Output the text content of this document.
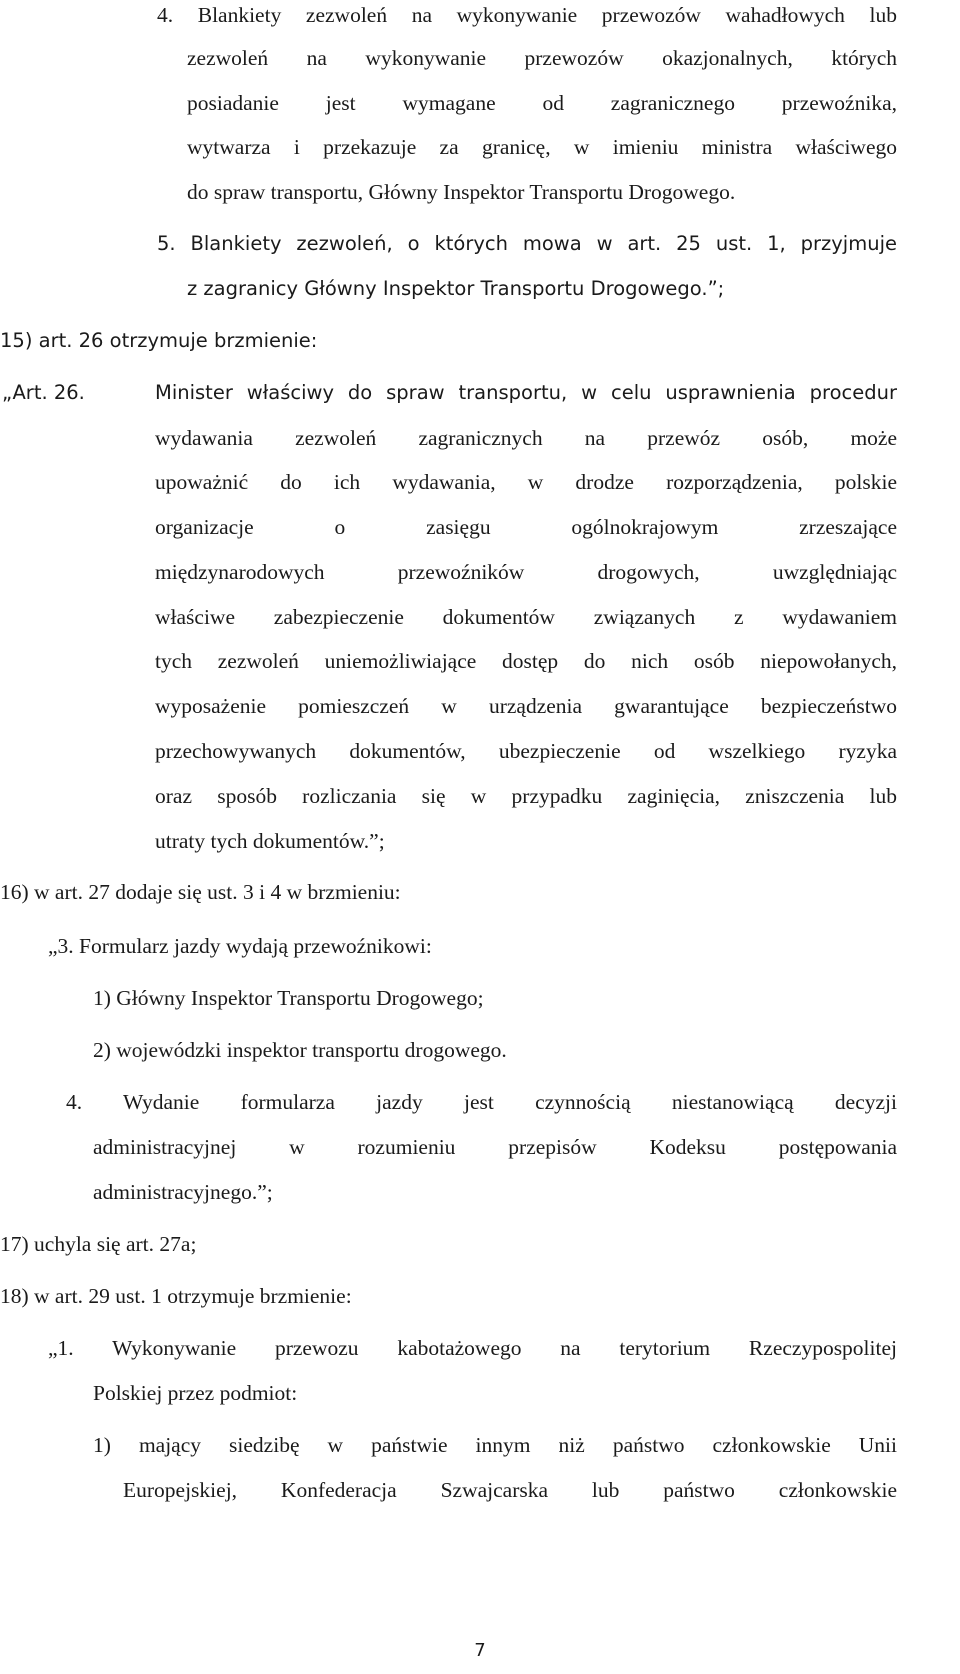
4. Blankiety zezwoleń na wykonywanie przewozów wahadłowych lub
zezwoleń na wykonywanie przewozów okazjonalnych, których
posiadanie jest wymagane od zagranicznego przewoźnika,
wytwarza i przekazuje za granicę, w imieniu ministra właściwego
do spraw transportu, Główny Inspektor Transportu Drogowego.
5. Blankiety zezwoleń, o których mowa w art. 25 ust. 1, przyjmuje
z zagranicy Główny Inspektor Transportu Drogowego.”;
15) art. 26 otrzymuje brzmienie:
„Art. 26.	Minister właściwy do spraw transportu, w celu usprawnienia procedur
wydawania zezwoleń zagranicznych na przewóz osób, może
upoważnić do ich wydawania, w drodze rozporządzenia, polskie
organizacje o zasięgu ogólnokrajowym zrzeszające
międzynarodowych przewoźników drogowych, uwzględniając
właściwe zabezpieczenie dokumentów związanych z wydawaniem
tych zezwoleń uniemożliwiające dostęp do nich osób niepowołanych,
wyposażenie pomieszczeń w urządzenia gwarantujące bezpieczeństwo
przechowywanych dokumentów, ubezpieczenie od wszelkiego ryzyka
oraz sposób rozliczania się w przypadku zaginięcia, zniszczenia lub
utraty tych dokumentów.”;
16) w art. 27 dodaje się ust. 3 i 4 w brzmieniu:
„3. Formularz jazdy wydają przewoźnikowi:
1) Główny Inspektor Transportu Drogowego;
2) wojewódzki inspektor transportu drogowego.
4. Wydanie formularza jazdy jest czynnością niestanowiącą decyzji
administracyjnej w rozumieniu przepisów Kodeksu postępowania
administracyjnego.”;
17) uchyla się art. 27a;
18) w art. 29 ust. 1 otrzymuje brzmienie:
„1. Wykonywanie przewozu kabotażowego na terytorium Rzeczypospolitej
Polskiej przez podmiot:
1) mający siedzibę w państwie innym niż państwo członkowskie Unii
Europejskiej, Konfederacja Szwajcarska lub państwo członkowskie
7
